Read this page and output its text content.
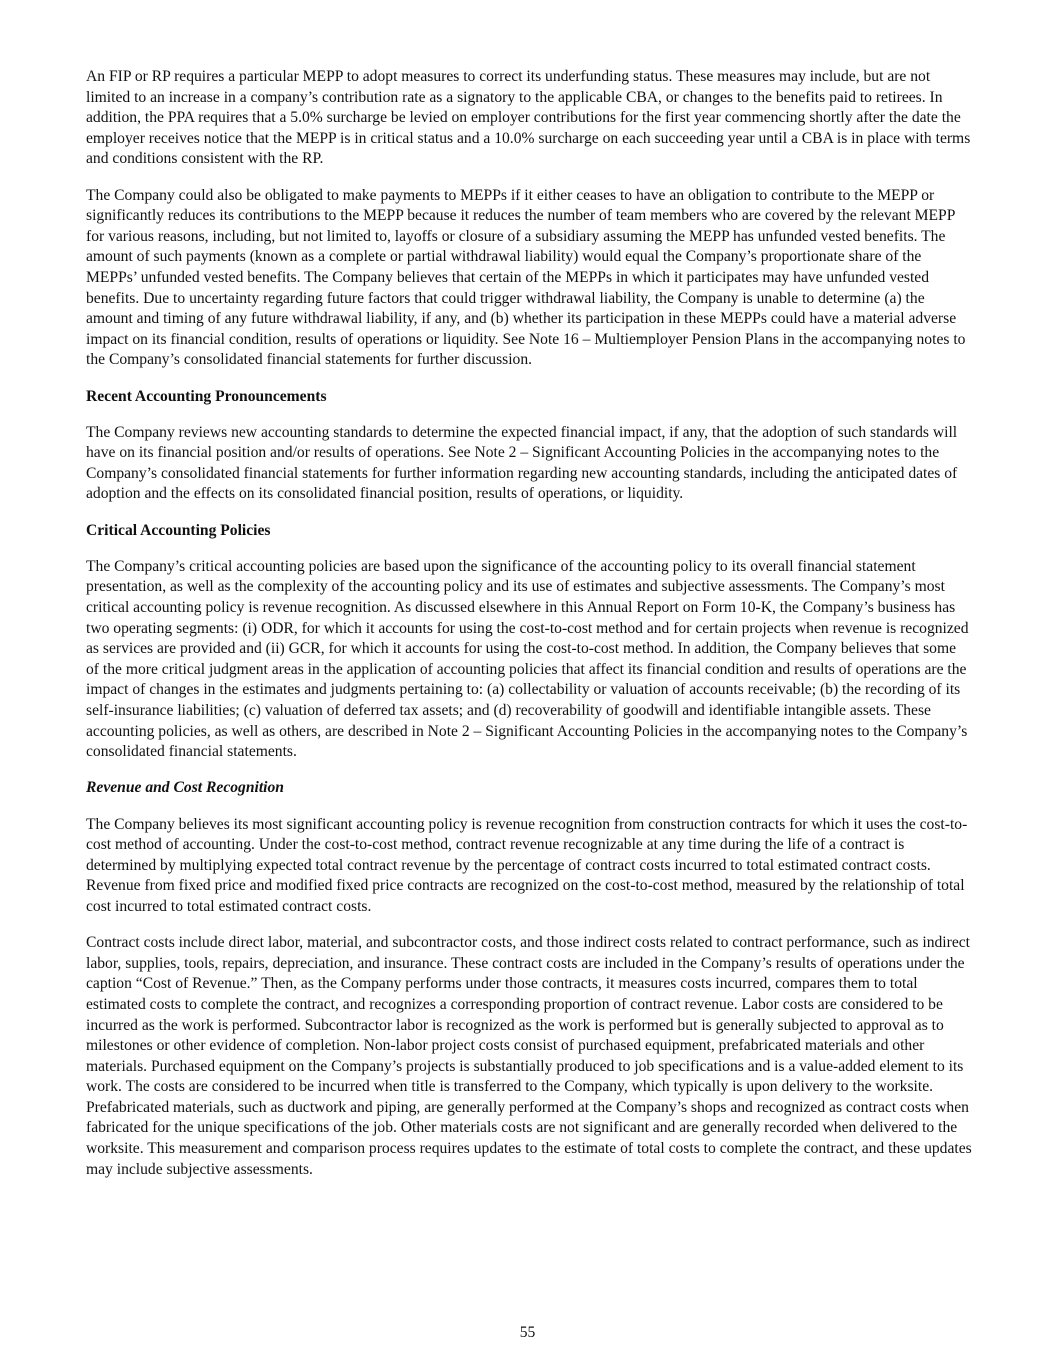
An FIP or RP requires a particular MEPP to adopt measures to correct its underfunding status. These measures may include, but are not limited to an increase in a company’s contribution rate as a signatory to the applicable CBA, or changes to the benefits paid to retirees. In addition, the PPA requires that a 5.0% surcharge be levied on employer contributions for the first year commencing shortly after the date the employer receives notice that the MEPP is in critical status and a 10.0% surcharge on each succeeding year until a CBA is in place with terms and conditions consistent with the RP.

The Company could also be obligated to make payments to MEPPs if it either ceases to have an obligation to contribute to the MEPP or significantly reduces its contributions to the MEPP because it reduces the number of team members who are covered by the relevant MEPP for various reasons, including, but not limited to, layoffs or closure of a subsidiary assuming the MEPP has unfunded vested benefits. The amount of such payments (known as a complete or partial withdrawal liability) would equal the Company’s proportionate share of the MEPPs’ unfunded vested benefits. The Company believes that certain of the MEPPs in which it participates may have unfunded vested benefits. Due to uncertainty regarding future factors that could trigger withdrawal liability, the Company is unable to determine (a) the amount and timing of any future withdrawal liability, if any, and (b) whether its participation in these MEPPs could have a material adverse impact on its financial condition, results of operations or liquidity. See Note 16 – Multiemployer Pension Plans in the accompanying notes to the Company’s consolidated financial statements for further discussion.

Recent Accounting Pronouncements

The Company reviews new accounting standards to determine the expected financial impact, if any, that the adoption of such standards will have on its financial position and/or results of operations. See Note 2 – Significant Accounting Policies in the accompanying notes to the Company’s consolidated financial statements for further information regarding new accounting standards, including the anticipated dates of adoption and the effects on its consolidated financial position, results of operations, or liquidity.

Critical Accounting Policies

The Company’s critical accounting policies are based upon the significance of the accounting policy to its overall financial statement presentation, as well as the complexity of the accounting policy and its use of estimates and subjective assessments. The Company’s most critical accounting policy is revenue recognition. As discussed elsewhere in this Annual Report on Form 10-K, the Company’s business has two operating segments: (i) ODR, for which it accounts for using the cost-to-cost method and for certain projects when revenue is recognized as services are provided and (ii) GCR, for which it accounts for using the cost-to-cost method. In addition, the Company believes that some of the more critical judgment areas in the application of accounting policies that affect its financial condition and results of operations are the impact of changes in the estimates and judgments pertaining to: (a) collectability or valuation of accounts receivable; (b) the recording of its self-insurance liabilities; (c) valuation of deferred tax assets; and (d) recoverability of goodwill and identifiable intangible assets. These accounting policies, as well as others, are described in Note 2 – Significant Accounting Policies in the accompanying notes to the Company’s consolidated financial statements.

Revenue and Cost Recognition

The Company believes its most significant accounting policy is revenue recognition from construction contracts for which it uses the cost-to-cost method of accounting. Under the cost-to-cost method, contract revenue recognizable at any time during the life of a contract is determined by multiplying expected total contract revenue by the percentage of contract costs incurred to total estimated contract costs. Revenue from fixed price and modified fixed price contracts are recognized on the cost-to-cost method, measured by the relationship of total cost incurred to total estimated contract costs.

Contract costs include direct labor, material, and subcontractor costs, and those indirect costs related to contract performance, such as indirect labor, supplies, tools, repairs, depreciation, and insurance. These contract costs are included in the Company’s results of operations under the caption “Cost of Revenue.” Then, as the Company performs under those contracts, it measures costs incurred, compares them to total estimated costs to complete the contract, and recognizes a corresponding proportion of contract revenue. Labor costs are considered to be incurred as the work is performed. Subcontractor labor is recognized as the work is performed but is generally subjected to approval as to milestones or other evidence of completion. Non-labor project costs consist of purchased equipment, prefabricated materials and other materials. Purchased equipment on the Company’s projects is substantially produced to job specifications and is a value-added element to its work. The costs are considered to be incurred when title is transferred to the Company, which typically is upon delivery to the worksite. Prefabricated materials, such as ductwork and piping, are generally performed at the Company’s shops and recognized as contract costs when fabricated for the unique specifications of the job. Other materials costs are not significant and are generally recorded when delivered to the worksite. This measurement and comparison process requires updates to the estimate of total costs to complete the contract, and these updates may include subjective assessments.

55
